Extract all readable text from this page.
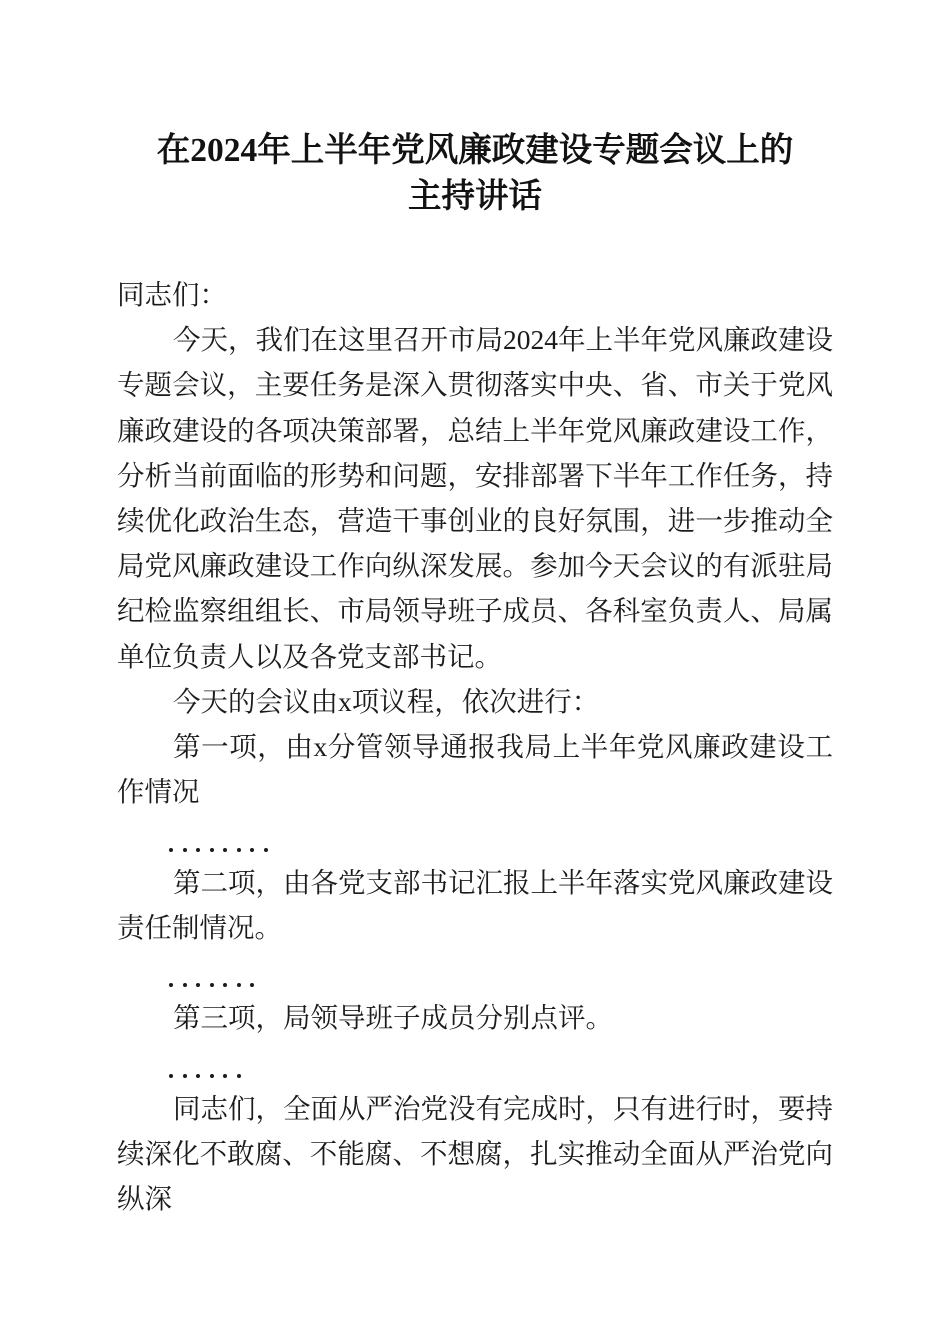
在2024年上半年党风廉政建设专题会议上的
主持讲话

同志们：

今天，我们在这里召开市局2024年上半年党风廉政建设专题会议，主要任务是深入贯彻落实中央、省、市关于党风廉政建设的各项决策部署，总结上半年党风廉政建设工作，分析当前面临的形势和问题，安排部署下半年工作任务，持续优化政治生态，营造干事创业的良好氛围，进一步推动全局党风廉政建设工作向纵深发展。参加今天会议的有派驻局纪检监察组组长、市局领导班子成员、各科室负责人、局属单位负责人以及各党支部书记。

今天的会议由x项议程，依次进行：

第一项，由x分管领导通报我局上半年党风廉政建设工作情况

第二项，由各党支部书记汇报上半年落实党风廉政建设责任制情况。

第三项，局领导班子成员分别点评。

同志们，全面从严治党没有完成时，只有进行时，要持续深化不敢腐、不能腐、不想腐，扎实推动全面从严治党向纵深
